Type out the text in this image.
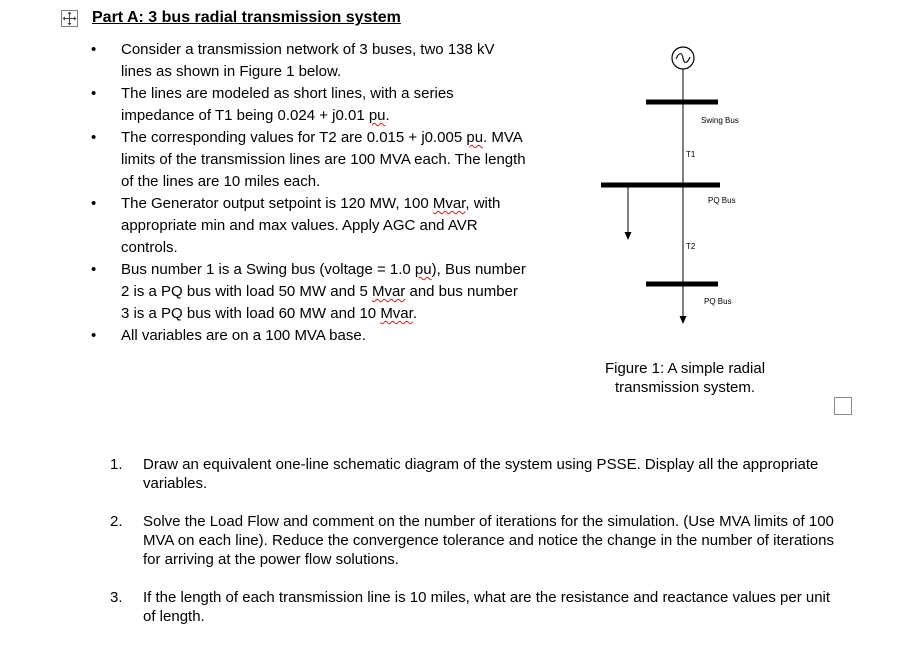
Part A: 3 bus radial transmission system
• Consider a transmission network of 3 buses, two 138 kV lines as shown in Figure 1 below.
• The lines are modeled as short lines, with a series impedance of T1 being 0.024 + j0.01 pu.
• The corresponding values for T2 are 0.015 + j0.005 pu. MVA limits of the transmission lines are 100 MVA each. The length of the lines are 10 miles each.
• The Generator output setpoint is 120 MW, 100 Mvar, with appropriate min and max values. Apply AGC and AVR controls.
• Bus number 1 is a Swing bus (voltage = 1.0 pu), Bus number 2 is a PQ bus with load 50 MW and 5 Mvar and bus number 3 is a PQ bus with load 60 MW and 10 Mvar.
• All variables are on a 100 MVA base.
Swing Bus
T1
PQ Bus
T2
PQ Bus
Figure 1: A simple radial transmission system.
1. Draw an equivalent one-line schematic diagram of the system using PSSE. Display all the appropriate variables.
2. Solve the Load Flow and comment on the number of iterations for the simulation. (Use MVA limits of 100 MVA on each line). Reduce the convergence tolerance and notice the change in the number of iterations for arriving at the power flow solutions.
3. If the length of each transmission line is 10 miles, what are the resistance and reactance values per unit of length.
